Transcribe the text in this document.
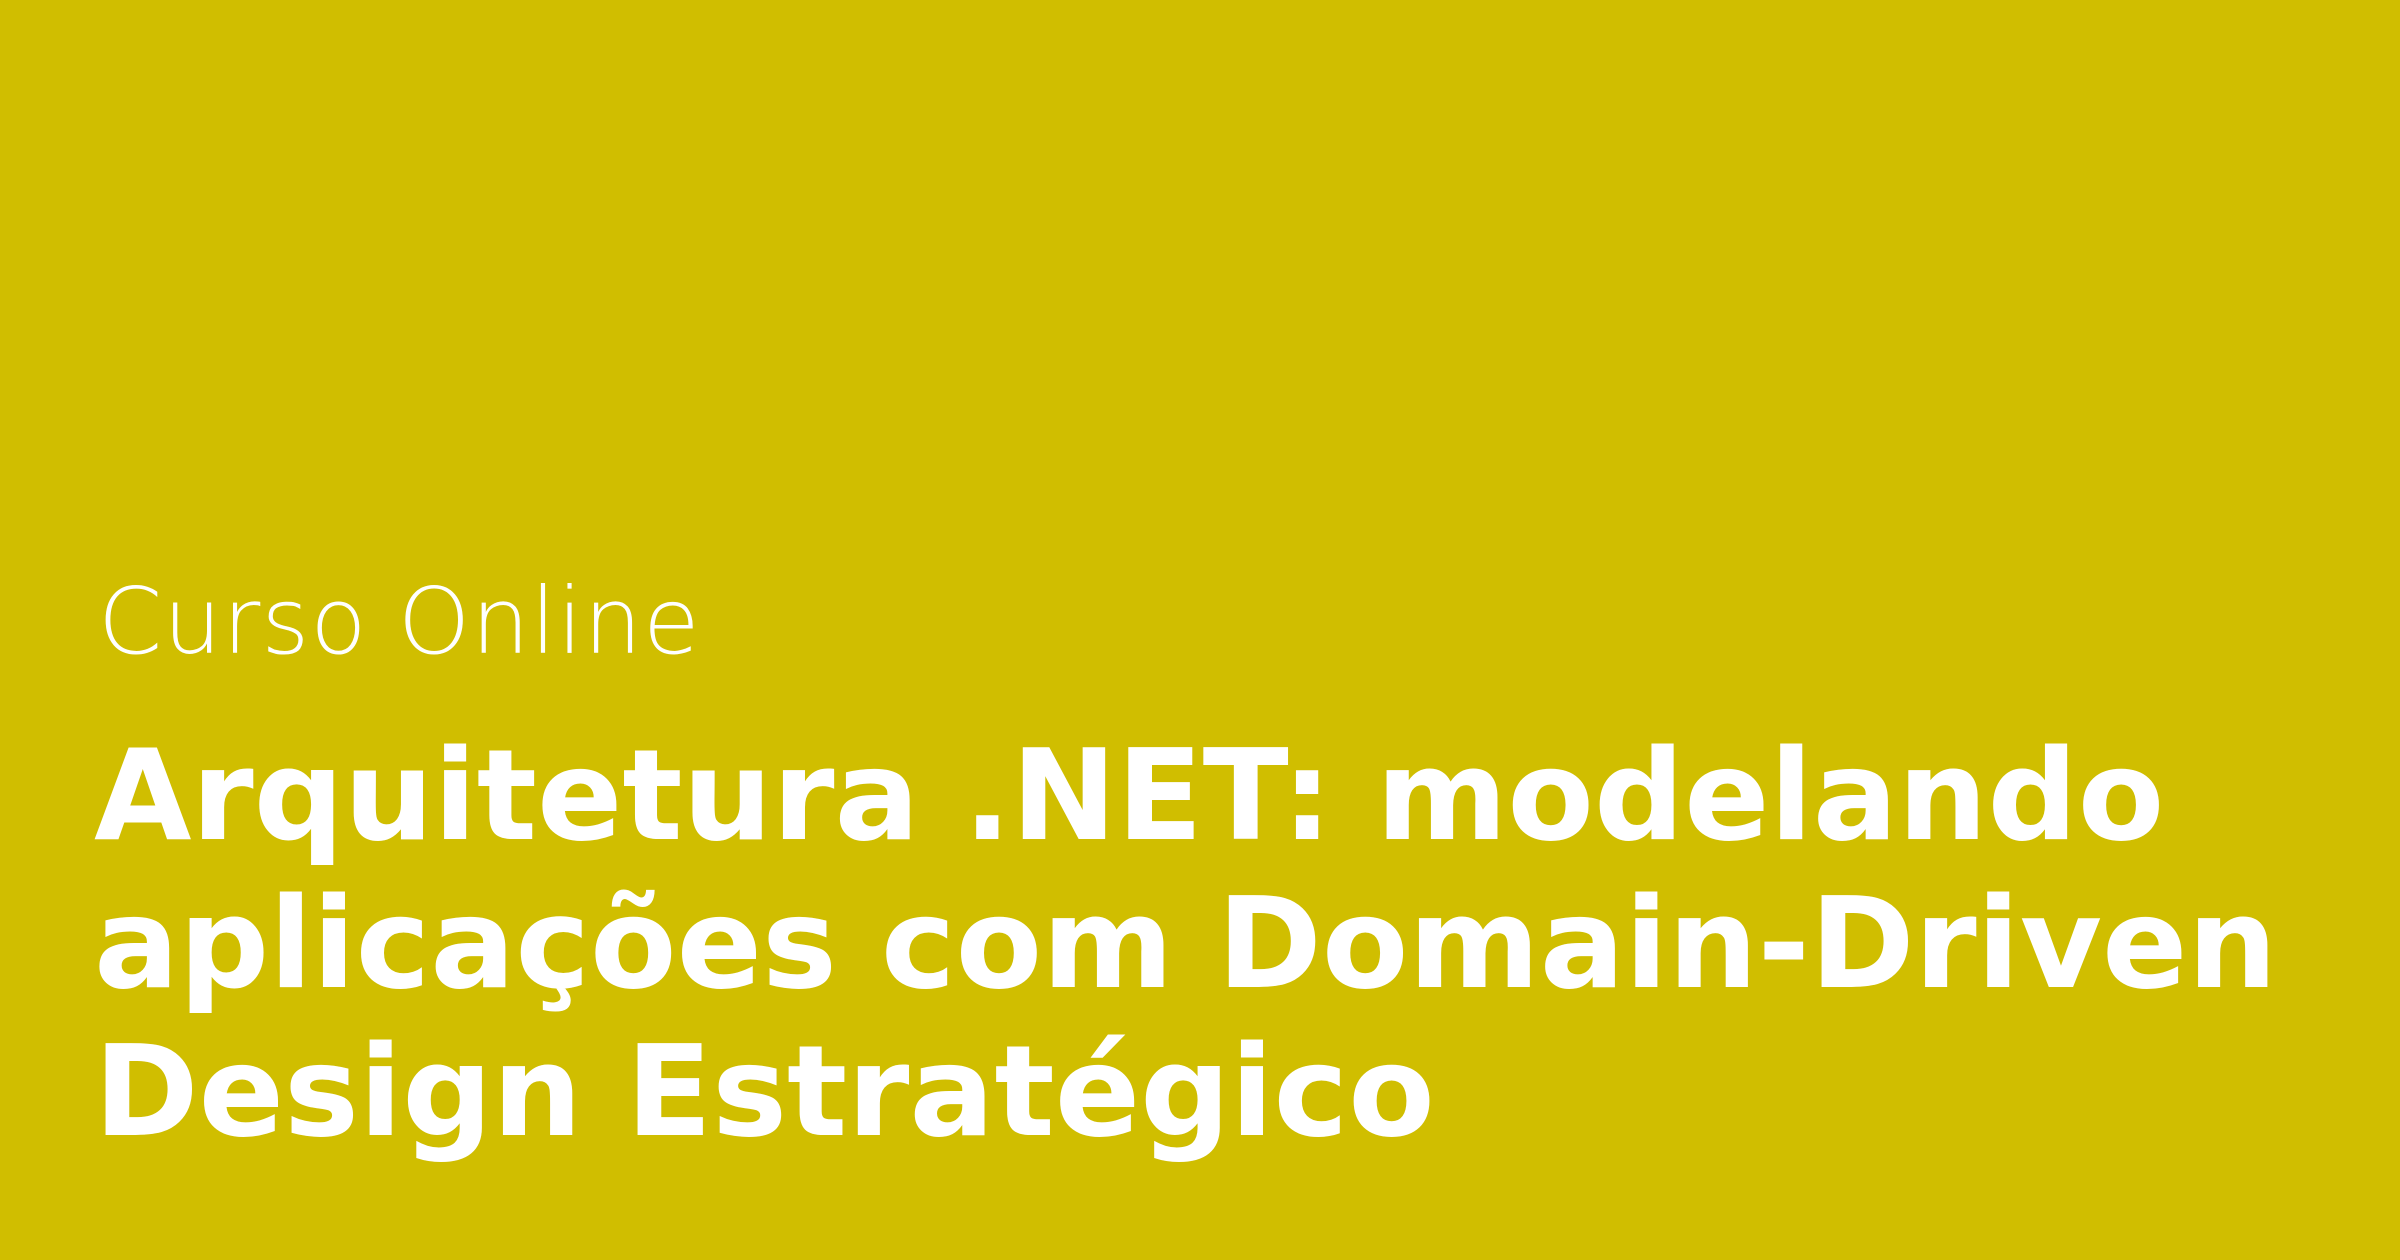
Curso Online

Arquitetura .NET: modelando
aplicações com Domain-Driven
Design Estratégico
